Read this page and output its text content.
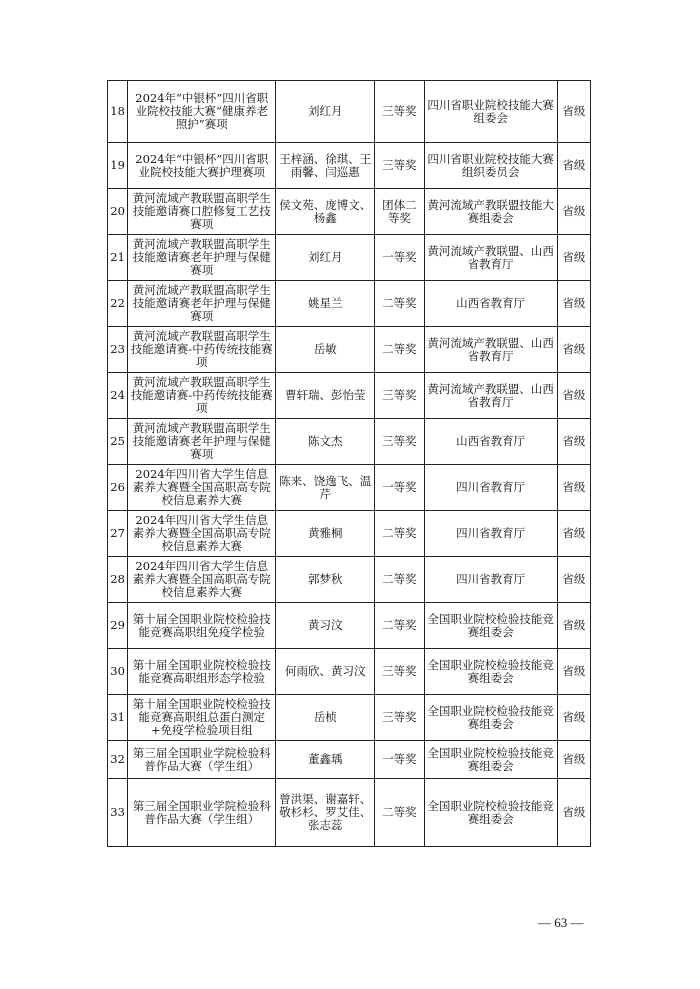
18	2024年“中银杯”四川省职业院校技能大赛“健康养老照护”赛项	刘红月	三等奖	四川省职业院校技能大赛组委会	省级
19	2024年“中银杯”四川省职业院校技能大赛护理赛项	王梓涵、徐琪、王雨馨、闫巡惠	三等奖	四川省职业院校技能大赛组织委员会	省级
20	黄河流域产教联盟高职学生技能邀请赛口腔修复工艺技赛项	侯文苑、庞博文、杨鑫	团体二等奖	黄河流域产教联盟技能大赛组委会	省级
21	黄河流域产教联盟高职学生技能邀请赛老年护理与保健赛项	刘红月	一等奖	黄河流域产教联盟、山西省教育厅	省级
22	黄河流域产教联盟高职学生技能邀请赛老年护理与保健赛项	姚星兰	二等奖	山西省教育厅	省级
23	黄河流域产教联盟高职学生技能邀请赛-中药传统技能赛项	岳敏	二等奖	黄河流域产教联盟、山西省教育厅	省级
24	黄河流域产教联盟高职学生技能邀请赛-中药传统技能赛项	曹轩瑞、彭怡莹	三等奖	黄河流域产教联盟、山西省教育厅	省级
25	黄河流域产教联盟高职学生技能邀请赛老年护理与保健赛项	陈文杰	三等奖	山西省教育厅	省级
26	2024年四川省大学生信息素养大赛暨全国高职高专院校信息素养大赛	陈来、饶逸飞、温芹	一等奖	四川省教育厅	省级
27	2024年四川省大学生信息素养大赛暨全国高职高专院校信息素养大赛	黄雅桐	二等奖	四川省教育厅	省级
28	2024年四川省大学生信息素养大赛暨全国高职高专院校信息素养大赛	郭梦秋	二等奖	四川省教育厅	省级
29	第十届全国职业院校检验技能竞赛高职组免疫学检验	黄习汶	二等奖	全国职业院校检验技能竞赛组委会	省级
30	第十届全国职业院校检验技能竞赛高职组形态学检验	何雨欣、黄习汶	三等奖	全国职业院校检验技能竞赛组委会	省级
31	第十届全国职业院校检验技能竞赛高职组总蛋白测定+免疫学检验项目组	岳桢	三等奖	全国职业院校检验技能竞赛组委会	省级
32	第三届全国职业学院检验科普作品大赛（学生组）	董鑫瑀	一等奖	全国职业院校检验技能竞赛组委会	省级
33	第三届全国职业学院检验科普作品大赛（学生组）	曾洪渠、谢嘉轩、敬杉杉、罗艾佳、张志蕊	二等奖	全国职业院校检验技能竞赛组委会	省级
— 63 —
